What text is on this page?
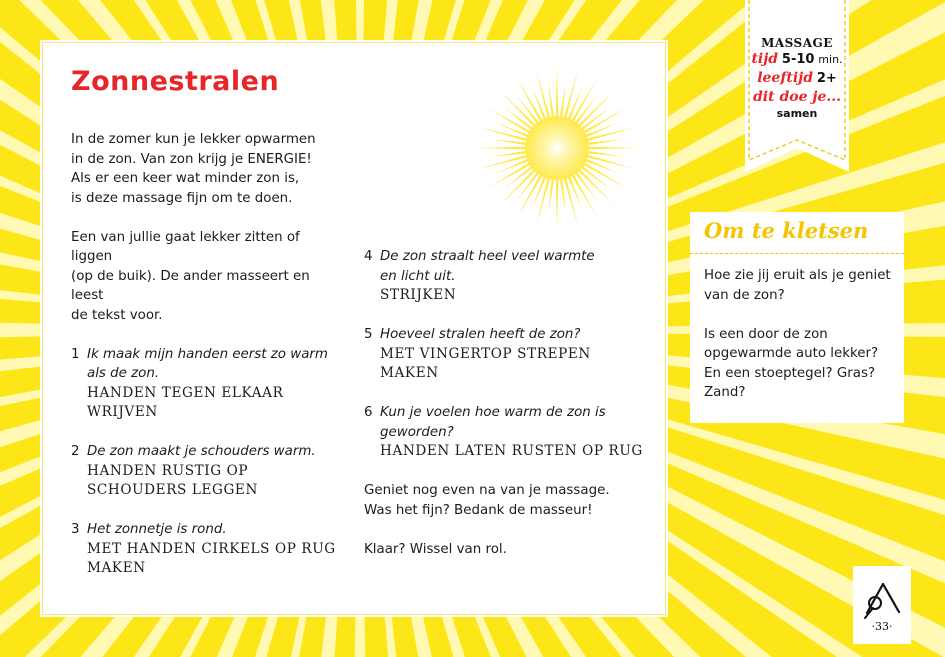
Zonnestralen

In de zomer kun je lekker opwarmen

in de zon. Van zon krijg je ENERGIE!

Als er een keer wat minder zon is,

is deze massage fijn om te doen.

Een van jullie gaat lekker zitten of liggen

(op de buik). De ander masseert en leest

de tekst voor.

1 Ik maak mijn handen eerst zo warm
als de zon.
HANDEN TEGEN ELKAAR
WRIJVEN
2 De zon maakt je schouders warm.
HANDEN RUSTIG OP
SCHOUDERS LEGGEN
3 Het zonnetje is rond.
MET HANDEN CIRKELS OP RUG
MAKEN
4 De zon straalt heel veel warmte
en licht uit.
STRIJKEN
5 Hoeveel stralen heeft de zon?
MET VINGERTOP STREPEN
MAKEN
6 Kun je voelen hoe warm de zon is
geworden?
HANDEN LATEN RUSTEN OP RUG

Geniet nog even na van je massage.

Was het fijn? Bedank de masseur!

Klaar? Wissel van rol.

MASSAGE
tijd 5-10 min.
leeftijd 2+
dit doe je...
samen
Om te kletsen

Hoe zie jij eruit als je geniet

van de zon?

Is een door de zon

opgewarmde auto lekker?

En een stoeptegel? Gras?

Zand?

·33·
